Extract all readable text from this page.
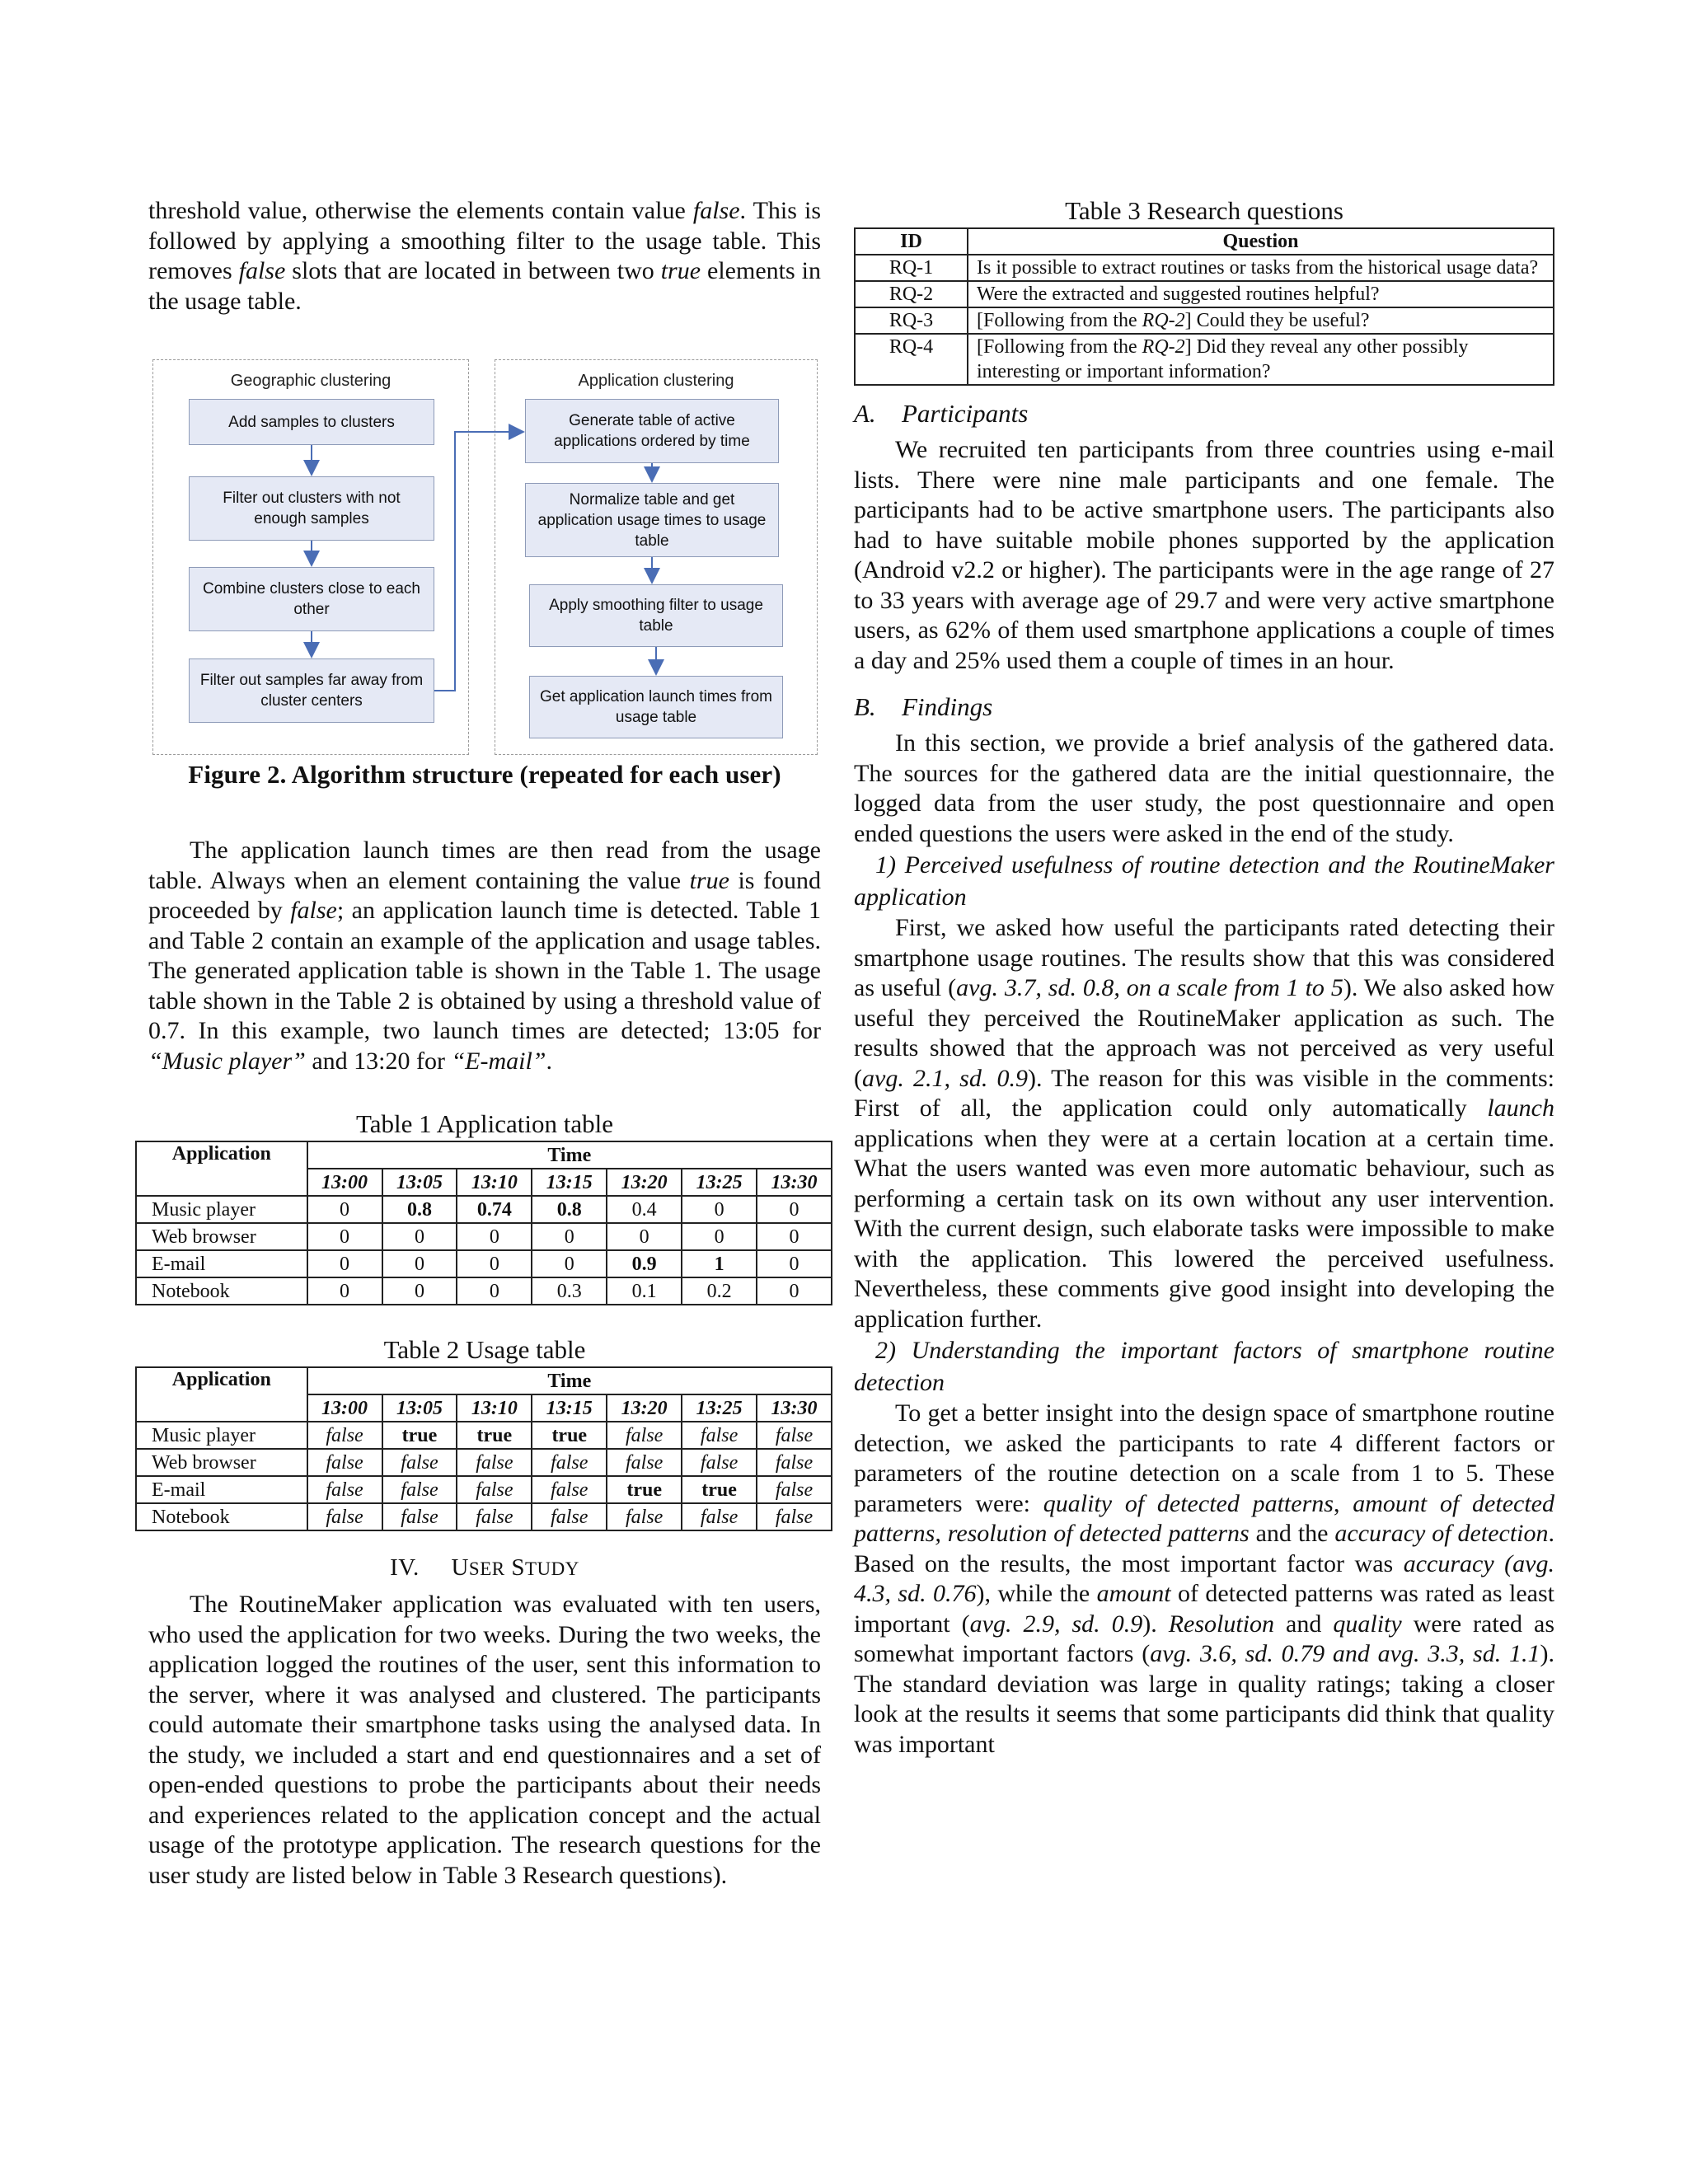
threshold value, otherwise the elements contain value false. This is followed by applying a smoothing filter to the usage table. This removes false slots that are located in between two true elements in the usage table.

Geographic clustering	Application clustering
Add samples to clusters
Filter out clusters with not enough samples
Combine clusters close to each other
Filter out samples far away from cluster centers
Generate table of active applications ordered by time
Normalize table and get application usage times to usage table
Apply smoothing filter to usage table
Get application launch times from usage table
Figure 2. Algorithm structure (repeated for each user)

The application launch times are then read from the usage table. Always when an element containing the value true is found proceeded by false; an application launch time is detected. Table 1 and Table 2 contain an example of the application and usage tables. The generated application table is shown in the Table 1. The usage table shown in the Table 2 is obtained by using a threshold value of 0.7. In this example, two launch times are detected; 13:05 for “Music player” and 13:20 for “E-mail”.

Table 1 Application table
Application	Time						
	13:00	13:05	13:10	13:15	13:20	13:25	13:30
Music player	0	0.8	0.74	0.8	0.4	0	0
Web browser	0	0	0	0	0	0	0
E-mail	0	0	0	0	0.9	1	0
Notebook	0	0	0	0.3	0.1	0.2	0
Table 2 Usage table
Application	Time						
	13:00	13:05	13:10	13:15	13:20	13:25	13:30
Music player	false	true	true	true	false	false	false
Web browser	false	false	false	false	false	false	false
E-mail	false	false	false	false	true	true	false
Notebook	false	false	false	false	false	false	false
IV. USER STUDY

The RoutineMaker application was evaluated with ten users, who used the application for two weeks. During the two weeks, the application logged the routines of the user, sent this information to the server, where it was analysed and clustered. The participants could automate their smartphone tasks using the analysed data. In the study, we included a start and end questionnaires and a set of open-ended questions to probe the participants about their needs and experiences related to the application concept and the actual usage of the prototype application. The research questions for the user study are listed below in Table 3 Research questions).

Table 3 Research questions
ID	Question
RQ-1	Is it possible to extract routines or tasks from the historical usage data?
RQ-2	Were the extracted and suggested routines helpful?
RQ-3	[Following from the RQ-2] Could they be useful?
RQ-4	[Following from the RQ-2] Did they reveal any other possibly interesting or important information?
A. Participants

We recruited ten participants from three countries using e-mail lists. There were nine male participants and one female. The participants had to be active smartphone users. The participants also had to have suitable mobile phones supported by the application (Android v2.2 or higher). The participants were in the age range of 27 to 33 years with average age of 29.7 and were very active smartphone users, as 62% of them used smartphone applications a couple of times a day and 25% used them a couple of times in an hour.

B. Findings

In this section, we provide a brief analysis of the gathered data. The sources for the gathered data are the initial questionnaire, the logged data from the user study, the post questionnaire and open ended questions the users were asked in the end of the study.

1) Perceived usefulness of routine detection and the RoutineMaker application

First, we asked how useful the participants rated detecting their smartphone usage routines. The results show that this was considered as useful (avg. 3.7, sd. 0.8, on a scale from 1 to 5). We also asked how useful they perceived the RoutineMaker application as such. The results showed that the approach was not perceived as very useful (avg. 2.1, sd. 0.9). The reason for this was visible in the comments: First of all, the application could only automatically launch applications when they were at a certain location at a certain time. What the users wanted was even more automatic behaviour, such as performing a certain task on its own without any user intervention. With the current design, such elaborate tasks were impossible to make with the application. This lowered the perceived usefulness. Nevertheless, these comments give good insight into developing the application further.

2) Understanding the important factors of smartphone routine detection

To get a better insight into the design space of smartphone routine detection, we asked the participants to rate 4 different factors or parameters of the routine detection on a scale from 1 to 5. These parameters were: quality of detected patterns, amount of detected patterns, resolution of detected patterns and the accuracy of detection. Based on the results, the most important factor was accuracy (avg. 4.3, sd. 0.76), while the amount of detected patterns was rated as least important (avg. 2.9, sd. 0.9). Resolution and quality were rated as somewhat important factors (avg. 3.6, sd. 0.79 and avg. 3.3, sd. 1.1). The standard deviation was large in quality ratings; taking a closer look at the results it seems that some participants did think that quality was important
